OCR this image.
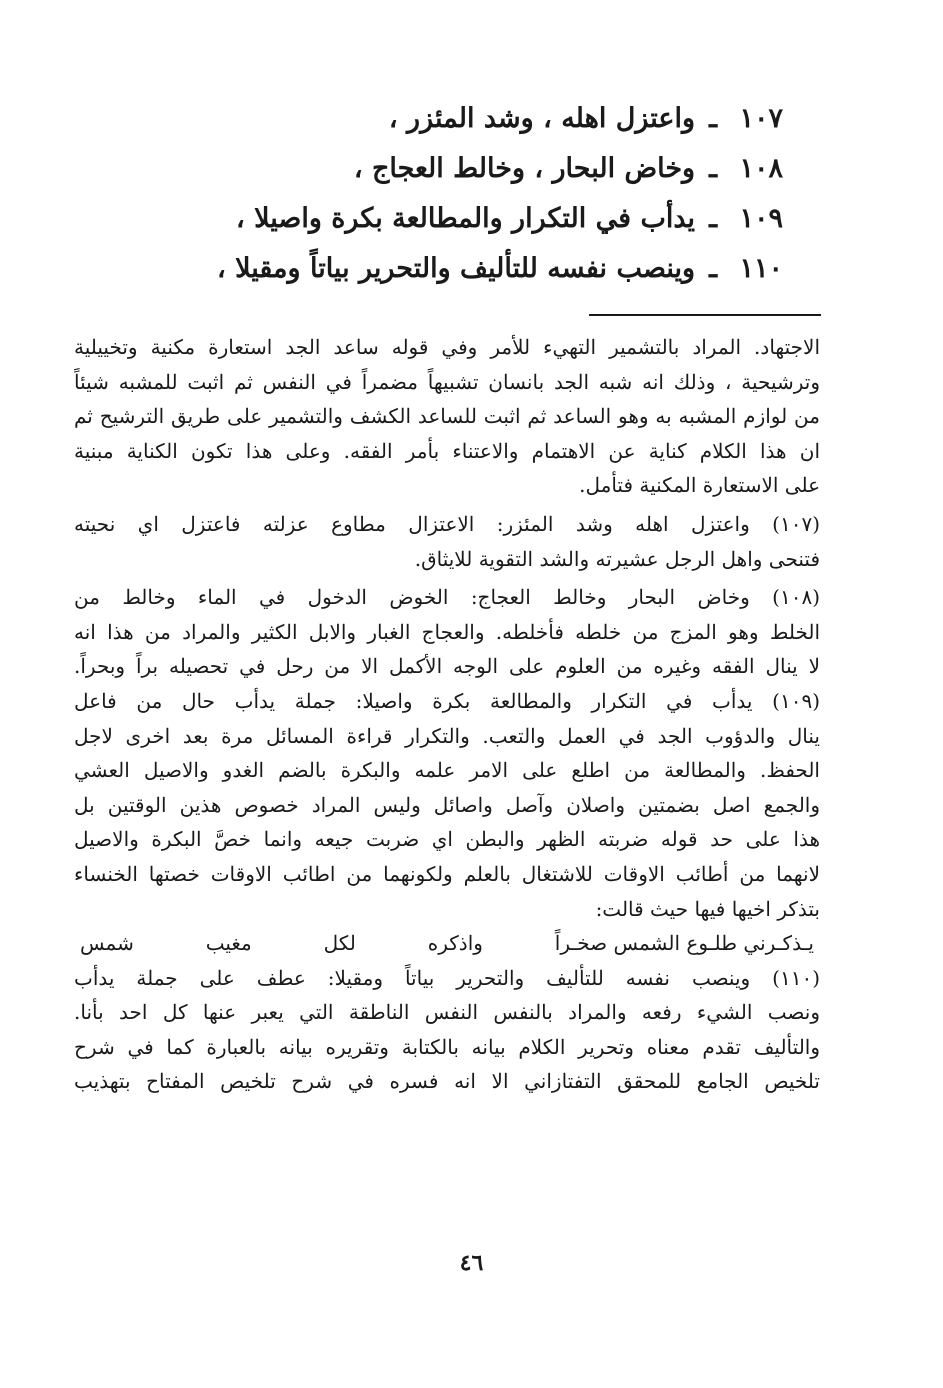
١٠٧ـواعتزل اهله ، وشد المئزر ،
١٠٨ـوخاض البحار ، وخالط العجاج ،
١٠٩ـيدأب في التكرار والمطالعة بكرة واصيلا ،
١١٠ـوينصب نفسه للتأليف والتحرير بياتاً ومقيلا ،
الاجتهاد. المراد بالتشمير التهيء للأمر وفي قوله ساعد الجد استعارة مكنية وتخييلية
وترشيحية ، وذلك انه شبه الجد بانسان تشبيهاً مضمراً في النفس ثم اثبت للمشبه شيئاً
من لوازم المشبه به وهو الساعد ثم اثبت للساعد الكشف والتشمير على طريق الترشيح ثم
ان هذا الكلام كناية عن الاهتمام والاعتناء بأمر الفقه. وعلى هذا تكون الكناية مبنية
على الاستعارة المكنية فتأمل.
(١٠٧) واعتزل اهله وشد المئزر: الاعتزال مطاوع عزلته فاعتزل اي نحيته
فتنحى واهل الرجل عشيرته والشد التقوية للايثاق.
(١٠٨) وخاض البحار وخالط العجاج: الخوض الدخول في الماء وخالط من
الخلط وهو المزج من خلطه فأخلطه. والعجاج الغبار والابل الكثير والمراد من هذا انه
لا ينال الفقه وغيره من العلوم على الوجه الأكمل الا من رحل في تحصيله براً وبحراً.
(١٠٩) يدأب في التكرار والمطالعة بكرة واصيلا: جملة يدأب حال من فاعل
ينال والدؤوب الجد في العمل والتعب. والتكرار قراءة المسائل مرة بعد اخرى لاجل
الحفظ. والمطالعة من اطلع على الامر علمه والبكرة بالضم الغدو والاصيل العشي
والجمع اصل بضمتين واصلان وآصل واصائل وليس المراد خصوص هذين الوقتين بل
هذا على حد قوله ضربته الظهر والبطن اي ضربت جيعه وانما خصَّ البكرة والاصيل
لانهما من أطائب الاوقات للاشتغال بالعلم ولكونهما من اطائب الاوقات خصتها الخنساء
بتذكر اخيها فيها حيث قالت:
يـذكـرني طلـوع الشمس صخـراً
واذكره
لكل
مغيب
شمس
(١١٠) وينصب نفسه للتأليف والتحرير بياتاً ومقيلا: عطف على جملة يدأب
ونصب الشيء رفعه والمراد بالنفس النفس الناطقة التي يعبر عنها كل احد بأنا.
والتأليف تقدم معناه وتحرير الكلام بيانه بالكتابة وتقريره بيانه بالعبارة كما في شرح
تلخيص الجامع للمحقق التفتازاني الا انه فسره في شرح تلخيص المفتاح بتهذيب
٤٦
